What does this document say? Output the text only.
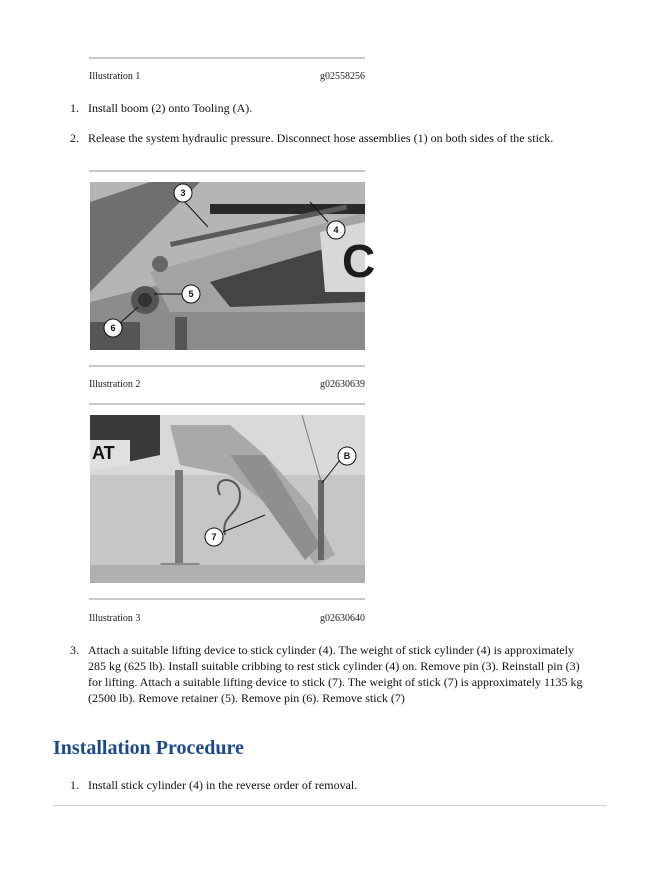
Illustration 1	g02558256
1. Install boom (2) onto Tooling (A).
2. Release the system hydraulic pressure. Disconnect hose assemblies (1) on both sides of the stick.
C
3
4
5
6
Illustration 2	g02630639
AT	B
7
Illustration 3	g02630640
3. Attach a suitable lifting device to stick cylinder (4). The weight of stick cylinder (4) is approximately 285 kg (625 lb). Install suitable cribbing to rest stick cylinder (4) on. Remove pin (3). Reinstall pin (3) for lifting. Attach a suitable lifting device to stick (7). The weight of stick (7) is approximately 1135 kg (2500 lb). Remove retainer (5). Remove pin (6). Remove stick (7)
Installation Procedure
1. Install stick cylinder (4) in the reverse order of removal.
